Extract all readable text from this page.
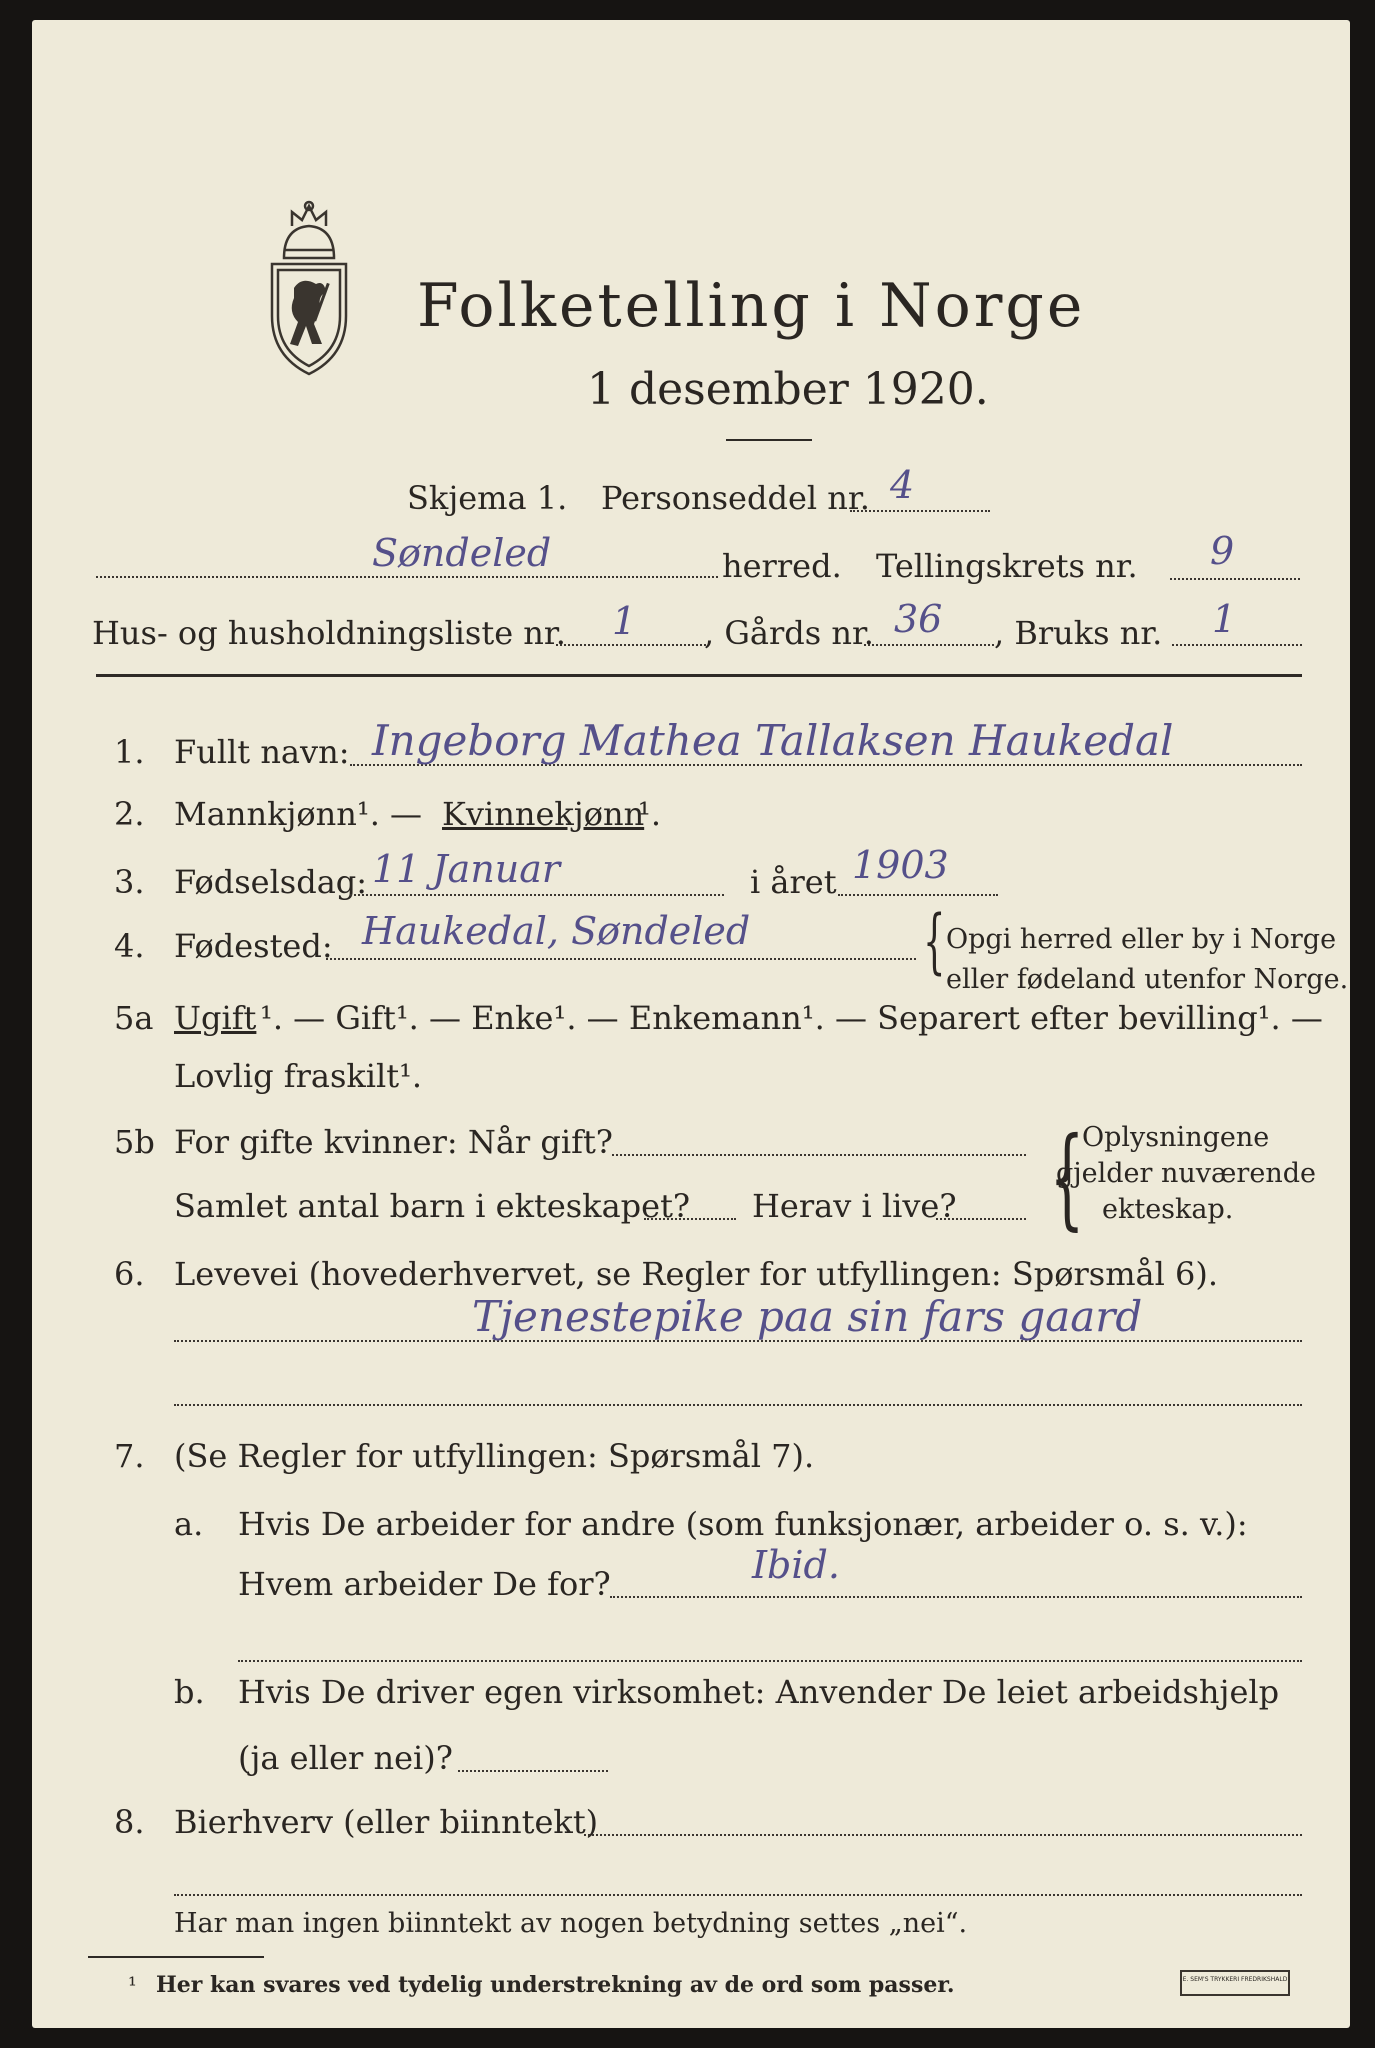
Folketelling i Norge
1 desember 1920.
Skjema 1. Personseddel nr. 4
Søndeled	herred. Tellingskrets nr. 9
Hus- og husholdningsliste nr. 1 , Gårds nr. 36 , Bruks nr. 1
1. Fullt navn: Ingeborg Mathea Tallaksen Haukedal
2. Mannkjønn¹. — Kvinnekjønn
¹.
3. Fødselsdag: 11 Januar	i året 1903
4. Fødested: Haukedal, Søndeled { Opgi herred eller by i Norge
eller fødeland utenfor Norge.
5a Ugift ¹. — Gift¹. — Enke¹. — Enkemann¹. — Separert efter bevilling¹. —
Lovlig fraskilt¹.
5b For gifte kvinner: Når gift?
Samlet antal barn i ekteskapet? Herav i live? {
Oplysningene
gjelder nuværende
ekteskap.
6. Levevei (hovederhvervet, se Regler for utfyllingen: Spørsmål 6).
Tjenestepike paa sin fars gaard
7. (Se Regler for utfyllingen: Spørsmål 7).
a. Hvis De arbeider for andre (som funksjonær, arbeider o. s. v.):
Hvem arbeider De for?	Ibid.
b. Hvis De driver egen virksomhet: Anvender De leiet arbeidshjelp
(ja eller nei)?
8. Bierhverv (eller biinntekt)
Har man ingen biinntekt av nogen betydning settes „nei“.
¹ Her kan svares ved tydelig understrekning av de ord som passer.	E. SEM'S TRYKKERI FREDRIKSHALD
